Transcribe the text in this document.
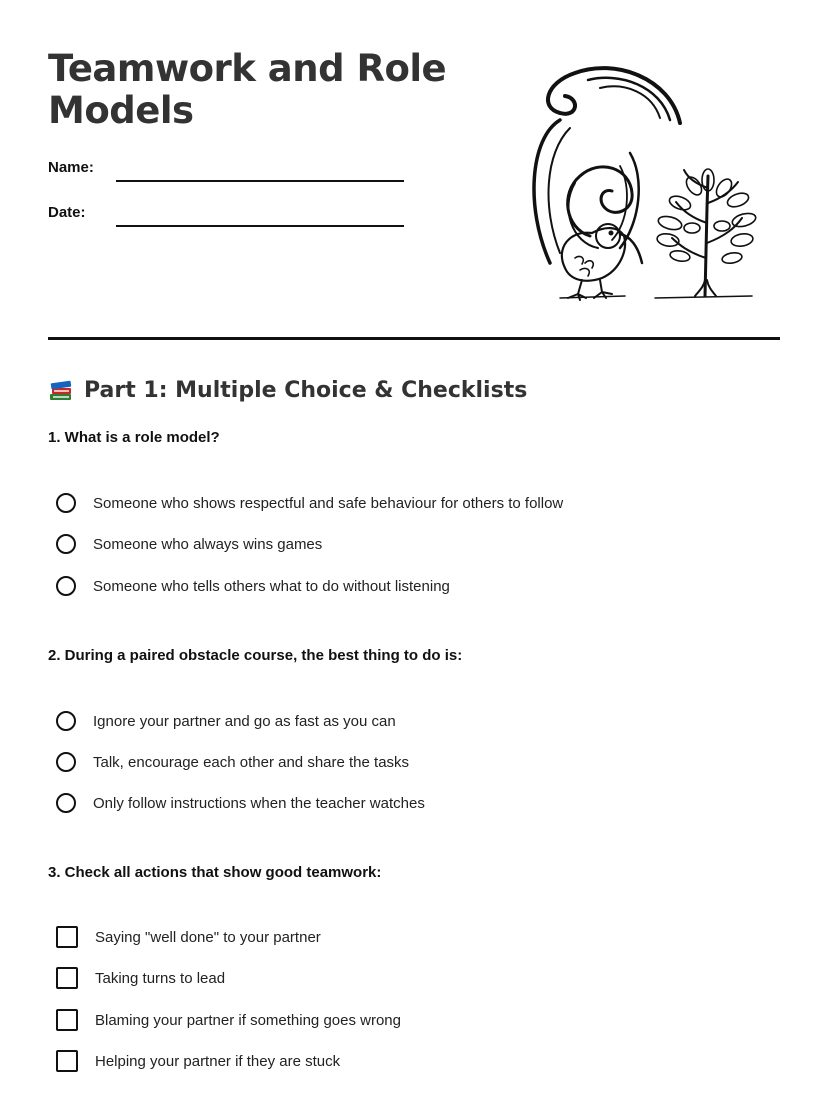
Teamwork and Role Models
Name:
Date:
Part 1: Multiple Choice & Checklists

1. What is a role model?

Someone who shows respectful and safe behaviour for others to follow
Someone who always wins games
Someone who tells others what to do without listening

2. During a paired obstacle course, the best thing to do is:

Ignore your partner and go as fast as you can
Talk, encourage each other and share the tasks
Only follow instructions when the teacher watches

3. Check all actions that show good teamwork:

Saying "well done" to your partner
Taking turns to lead
Blaming your partner if something goes wrong
Helping your partner if they are stuck
